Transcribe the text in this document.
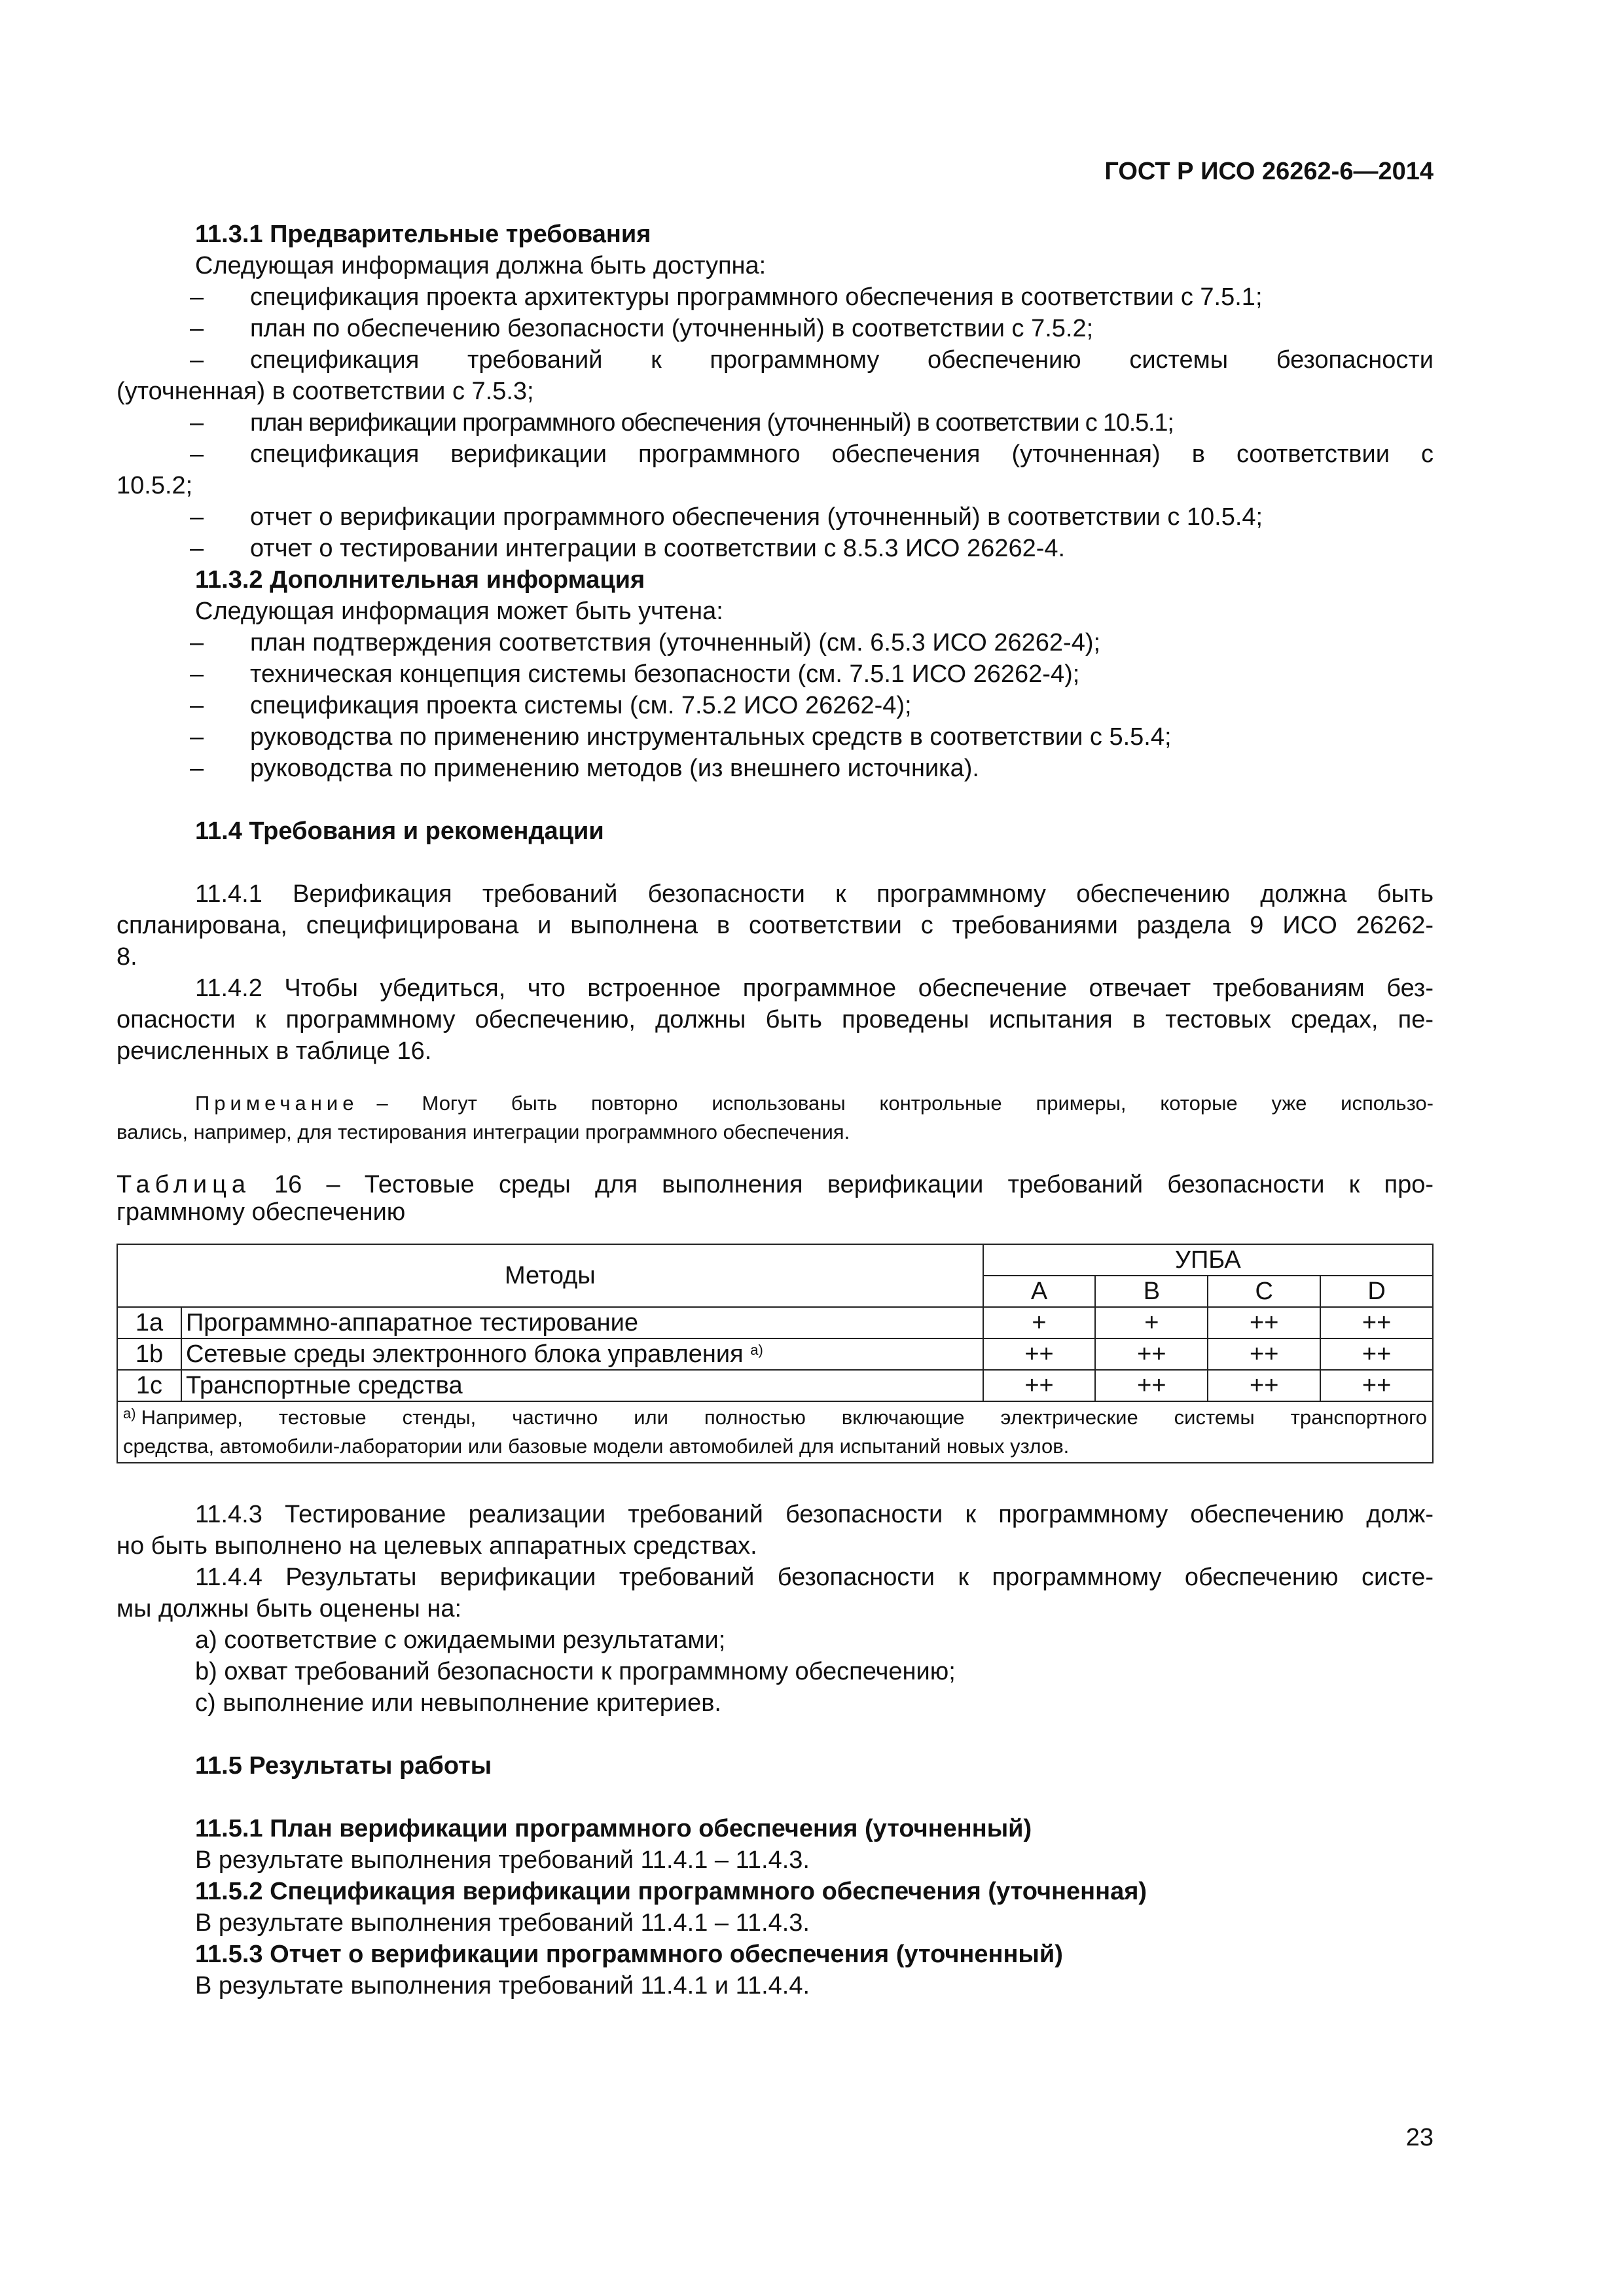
ГОСТ Р ИСО 26262-6—2014
11.3.1 Предварительные требования
Следующая информация должна быть доступна:
– спецификация проекта архитектуры программного обеспечения в соответствии с 7.5.1;
– план по обеспечению безопасности (уточненный) в соответствии с 7.5.2;
– спецификация требований к программному обеспечению системы безопасности
(уточненная) в соответствии с 7.5.3;
– план верификации программного обеспечения (уточненный) в соответствии с 10.5.1;
– спецификация верификации программного обеспечения (уточненная) в соответствии с
10.5.2;
– отчет о верификации программного обеспечения (уточненный) в соответствии с 10.5.4;
– отчет о тестировании интеграции в соответствии с 8.5.3 ИСО 26262-4.
11.3.2 Дополнительная информация
Следующая информация может быть учтена:
– план подтверждения соответствия (уточненный) (см. 6.5.3 ИСО 26262-4);
– техническая концепция системы безопасности (см. 7.5.1 ИСО 26262-4);
– спецификация проекта системы (см. 7.5.2 ИСО 26262-4);
– руководства по применению инструментальных средств в соответствии с 5.5.4;
– руководства по применению методов (из внешнего источника).
11.4 Требования и рекомендации
11.4.1 Верификация требований безопасности к программному обеспечению должна быть
спланирована, специфицирована и выполнена в соответствии с требованиями раздела 9 ИСО 26262-
8.
11.4.2 Чтобы убедиться, что встроенное программное обеспечение отвечает требованиям без-
опасности к программному обеспечению, должны быть проведены испытания в тестовых средах, пе-
речисленных в таблице 16.
Примечание – Могут быть повторно использованы контрольные примеры, которые уже использо-
вались, например, для тестирования интеграции программного обеспечения.
Таблица 16 – Тестовые среды для выполнения верификации требований безопасности к про-
граммному обеспечению
Методы		УПБА			
		A	B	C	D
1a	Программно-аппаратное тестирование	+	+	++	++
1b	Сетевые среды электронного блока управления $^{a)}$	++	++	++	++
1c	Транспортные средства	++	++	++	++

$^{a)}$ Например, тестовые стенды, частично или полностью включающие электрические системы транспортного
средства, автомобили-лаборатории или базовые модели автомобилей для испытаний новых узлов.					
11.4.3 Тестирование реализации требований безопасности к программному обеспечению долж-
но быть выполнено на целевых аппаратных средствах.
11.4.4 Результаты верификации требований безопасности к программному обеспечению систе-
мы должны быть оценены на:
a) соответствие с ожидаемыми результатами;
b) охват требований безопасности к программному обеспечению;
c) выполнение или невыполнение критериев.
11.5 Результаты работы
11.5.1 План верификации программного обеспечения (уточненный)
В результате выполнения требований 11.4.1 – 11.4.3.
11.5.2 Спецификация верификации программного обеспечения (уточненная)
В результате выполнения требований 11.4.1 – 11.4.3.
11.5.3 Отчет о верификации программного обеспечения (уточненный)
В результате выполнения требований 11.4.1 и 11.4.4.
23
